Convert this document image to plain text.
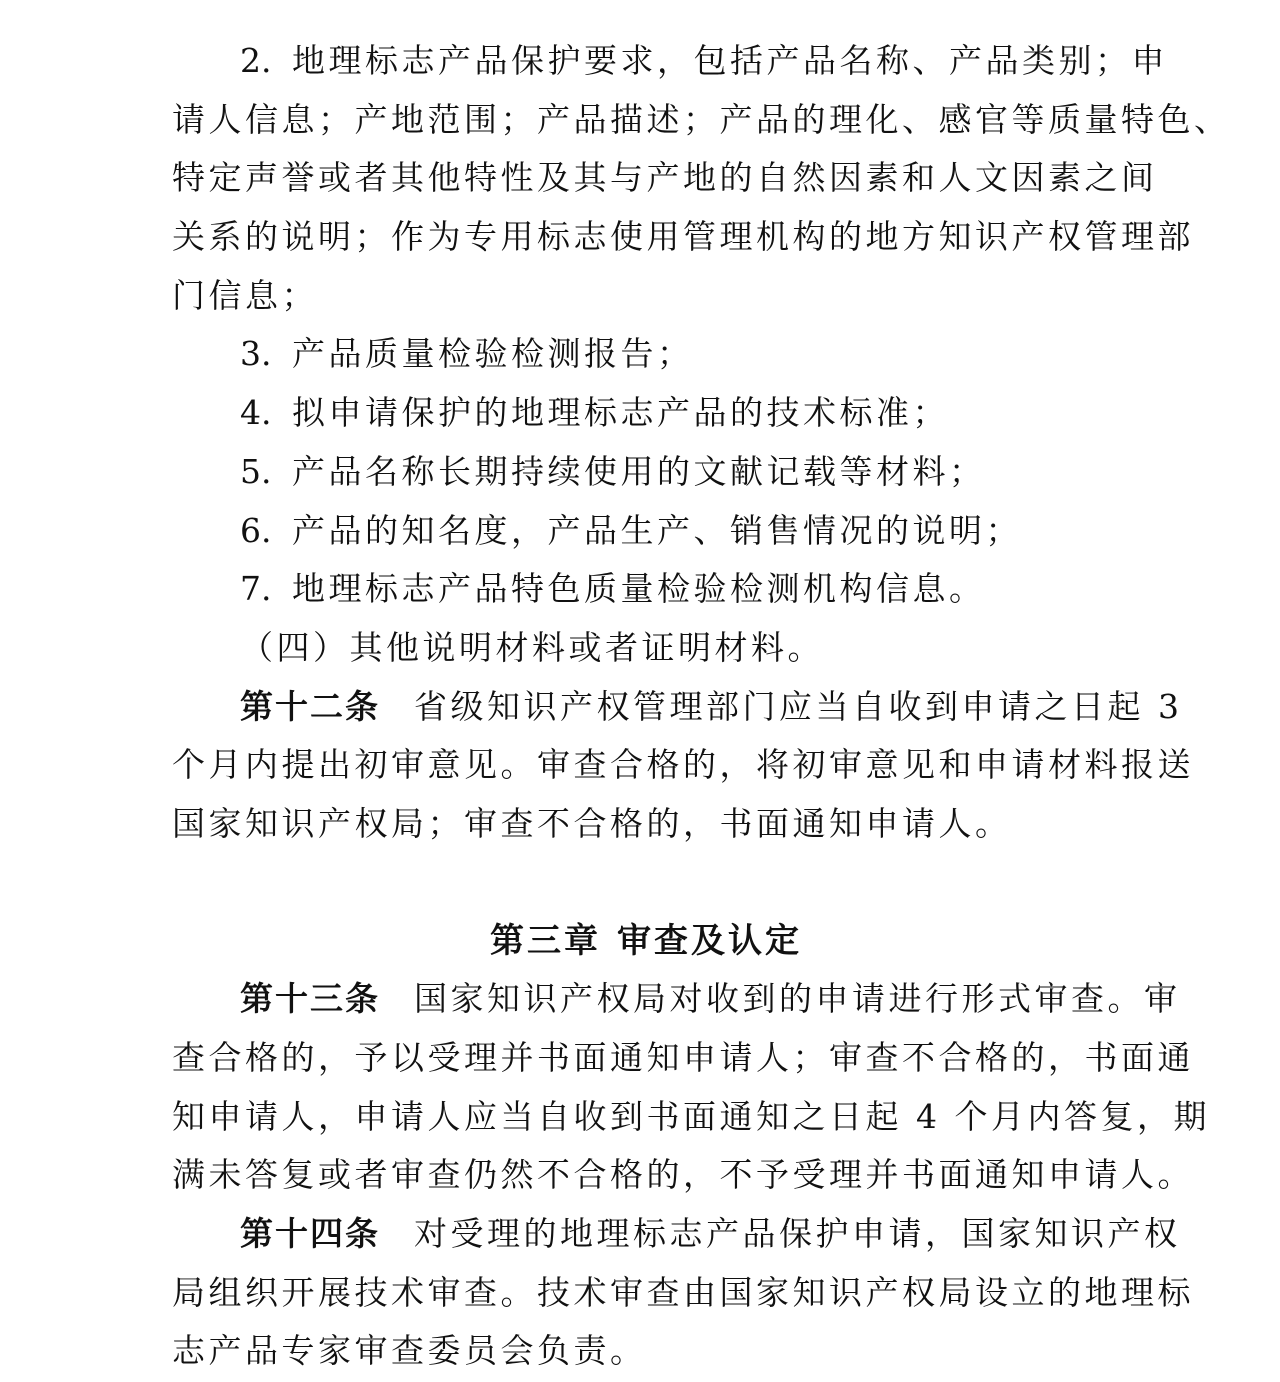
2. 地理标志产品保护要求，包括产品名称、产品类别；申
请人信息；产地范围；产品描述；产品的理化、感官等质量特色、
特定声誉或者其他特性及其与产地的自然因素和人文因素之间
关系的说明；作为专用标志使用管理机构的地方知识产权管理部
门信息；
3. 产品质量检验检测报告；
4. 拟申请保护的地理标志产品的技术标准；
5. 产品名称长期持续使用的文献记载等材料；
6. 产品的知名度，产品生产、销售情况的说明；
7. 地理标志产品特色质量检验检测机构信息。
（四）其他说明材料或者证明材料。
第十二条 省级知识产权管理部门应当自收到申请之日起 3
个月内提出初审意见。审查合格的，将初审意见和申请材料报送
国家知识产权局；审查不合格的，书面通知申请人。
第三章 审查及认定
第十三条 国家知识产权局对收到的申请进行形式审查。审
查合格的，予以受理并书面通知申请人；审查不合格的，书面通
知申请人，申请人应当自收到书面通知之日起 4 个月内答复，期
满未答复或者审查仍然不合格的，不予受理并书面通知申请人。
第十四条 对受理的地理标志产品保护申请，国家知识产权
局组织开展技术审查。技术审查由国家知识产权局设立的地理标
志产品专家审查委员会负责。
